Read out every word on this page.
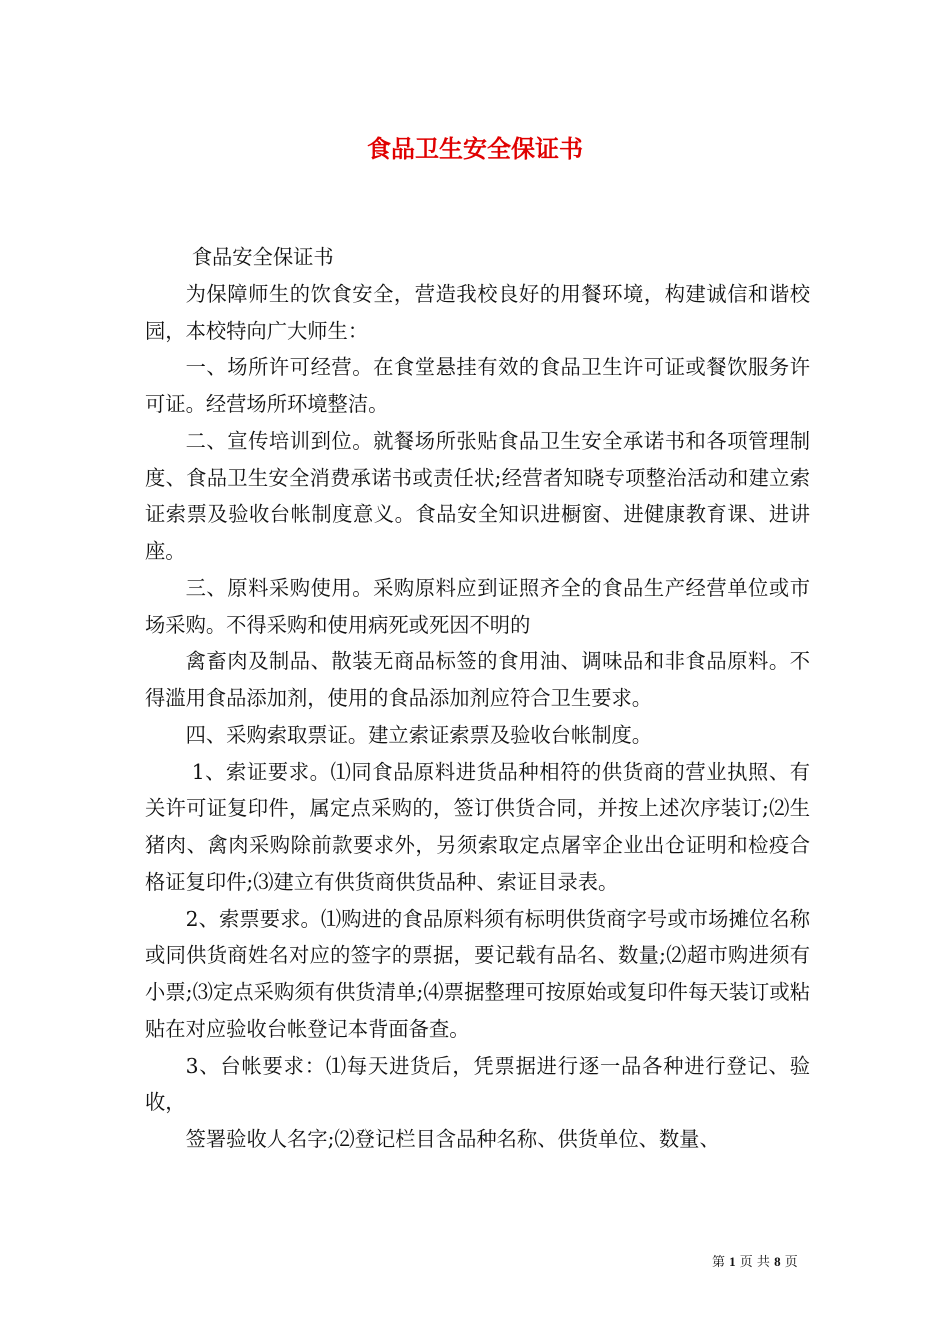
食品卫生安全保证书

食品安全保证书

为保障师生的饮食安全，营造我校良好的用餐环境，构建诚信和谐校园，本校特向广大师生：

一、场所许可经营。在食堂悬挂有效的食品卫生许可证或餐饮服务许可证。经营场所环境整洁。

二、宣传培训到位。就餐场所张贴食品卫生安全承诺书和各项管理制度、食品卫生安全消费承诺书或责任状;经营者知晓专项整治活动和建立索证索票及验收台帐制度意义。食品安全知识进橱窗、进健康教育课、进讲座。

三、原料采购使用。采购原料应到证照齐全的食品生产经营单位或市场采购。不得采购和使用病死或死因不明的

禽畜肉及制品、散装无商品标签的食用油、调味品和非食品原料。不得滥用食品添加剂，使用的食品添加剂应符合卫生要求。

四、采购索取票证。建立索证索票及验收台帐制度。

1、索证要求。⑴同食品原料进货品种相符的供货商的营业执照、有关许可证复印件，属定点采购的，签订供货合同，并按上述次序装订;⑵生猪肉、禽肉采购除前款要求外，另须索取定点屠宰企业出仓证明和检疫合格证复印件;⑶建立有供货商供货品种、索证目录表。

2、索票要求。⑴购进的食品原料须有标明供货商字号或市场摊位名称或同供货商姓名对应的签字的票据，要记载有品名、数量;⑵超市购进须有小票;⑶定点采购须有供货清单;⑷票据整理可按原始或复印件每天装订或粘贴在对应验收台帐登记本背面备查。

3、台帐要求：⑴每天进货后，凭票据进行逐一品各种进行登记、验收，

签署验收人名字;⑵登记栏目含品种名称、供货单位、数量、

第 1 页 共 8 页
